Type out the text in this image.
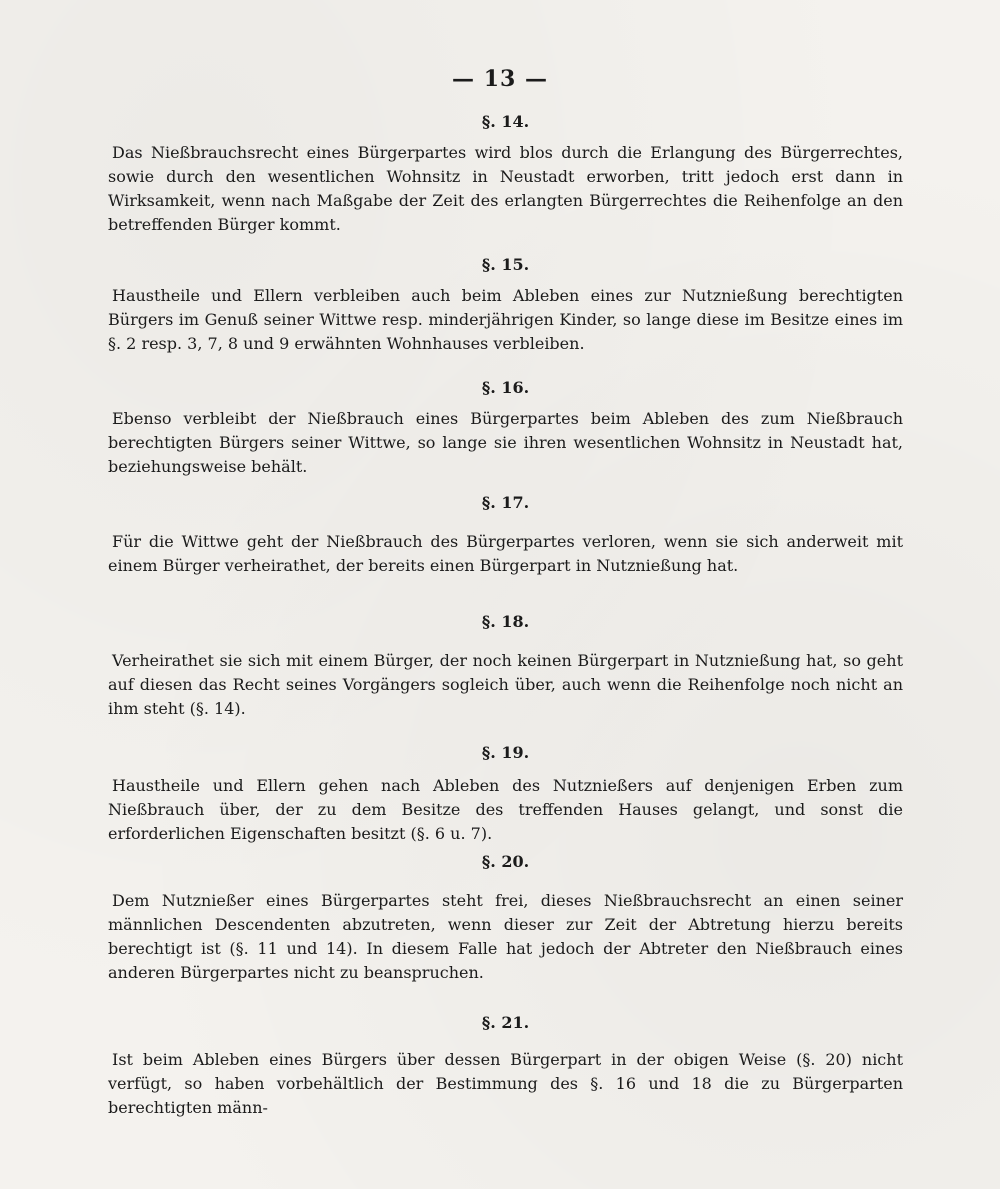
— 13 —
§. 14.

Das Nießbrauchsrecht eines Bürgerpartes wird blos durch die Erlangung des Bürgerrechtes, sowie durch den wesentlichen Wohnsitz in Neustadt erworben, tritt jedoch erst dann in Wirksamkeit, wenn nach Maßgabe der Zeit des erlangten Bürgerrechtes die Reihenfolge an den betreffenden Bürger kommt.

§. 15.

Haustheile und Ellern verbleiben auch beim Ableben eines zur Nutznießung berechtigten Bürgers im Genuß seiner Wittwe resp. minderjährigen Kinder, so lange diese im Besitze eines im §. 2 resp. 3, 7, 8 und 9 erwähnten Wohnhauses verbleiben.

§. 16.

Ebenso verbleibt der Nießbrauch eines Bürgerpartes beim Ableben des zum Nießbrauch berechtigten Bürgers seiner Wittwe, so lange sie ihren wesentlichen Wohnsitz in Neustadt hat, beziehungsweise behält.

§. 17.

Für die Wittwe geht der Nießbrauch des Bürgerpartes verloren, wenn sie sich anderweit mit einem Bürger verheirathet, der bereits einen Bürgerpart in Nutznießung hat.

§. 18.

Verheirathet sie sich mit einem Bürger, der noch keinen Bürgerpart in Nutznießung hat, so geht auf diesen das Recht seines Vorgängers sogleich über, auch wenn die Reihenfolge noch nicht an ihm steht (§. 14).

§. 19.

Haustheile und Ellern gehen nach Ableben des Nutznießers auf denjenigen Erben zum Nießbrauch über, der zu dem Besitze des treffenden Hauses gelangt, und sonst die erforderlichen Eigenschaften besitzt (§. 6 u. 7).

§. 20.

Dem Nutznießer eines Bürgerpartes steht frei, dieses Nießbrauchsrecht an einen seiner männlichen Descendenten abzutreten, wenn dieser zur Zeit der Abtretung hierzu bereits berechtigt ist (§. 11 und 14). In diesem Falle hat jedoch der Abtreter den Nießbrauch eines anderen Bürgerpartes nicht zu beanspruchen.

§. 21.

Ist beim Ableben eines Bürgers über dessen Bürgerpart in der obigen Weise (§. 20) nicht verfügt, so haben vorbehältlich der Bestimmung des §. 16 und 18 die zu Bürgerparten berechtigten männ-
